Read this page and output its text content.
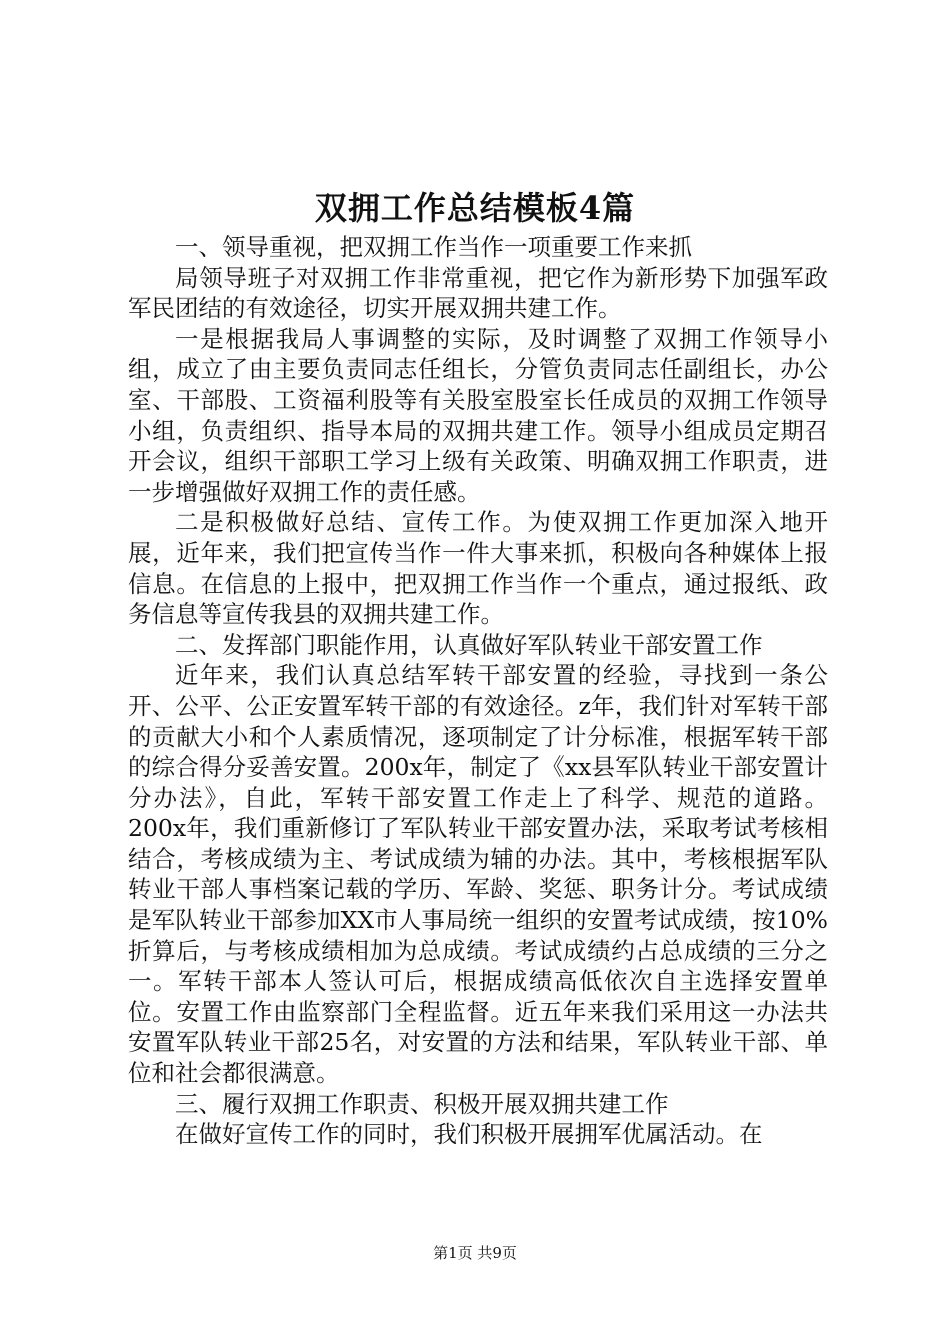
双拥工作总结模板4篇

一、领导重视，把双拥工作当作一项重要工作来抓

局领导班子对双拥工作非常重视，把它作为新形势下加强军政军民团结的有效途径，切实开展双拥共建工作。

一是根据我局人事调整的实际，及时调整了双拥工作领导小组，成立了由主要负责同志任组长，分管负责同志任副组长，办公室、干部股、工资福利股等有关股室股室长任成员的双拥工作领导小组，负责组织、指导本局的双拥共建工作。领导小组成员定期召开会议，组织干部职工学习上级有关政策、明确双拥工作职责，进一步增强做好双拥工作的责任感。

二是积极做好总结、宣传工作。为使双拥工作更加深入地开展，近年来，我们把宣传当作一件大事来抓，积极向各种媒体上报信息。在信息的上报中，把双拥工作当作一个重点，通过报纸、政务信息等宣传我县的双拥共建工作。

二、发挥部门职能作用，认真做好军队转业干部安置工作

近年来，我们认真总结军转干部安置的经验，寻找到一条公开、公平、公正安置军转干部的有效途径。z年，我们针对军转干部的贡献大小和个人素质情况，逐项制定了计分标准，根据军转干部的综合得分妥善安置。200x年，制定了《xx县军队转业干部安置计分办法》，自此，军转干部安置工作走上了科学、规范的道路。200x年，我们重新修订了军队转业干部安置办法，采取考试考核相结合，考核成绩为主、考试成绩为辅的办法。其中，考核根据军队转业干部人事档案记载的学历、军龄、奖惩、职务计分。考试成绩是军队转业干部参加XX市人事局统一组织的安置考试成绩，按10%折算后，与考核成绩相加为总成绩。考试成绩约占总成绩的三分之一。军转干部本人签认可后，根据成绩高低依次自主选择安置单位。安置工作由监察部门全程监督。近五年来我们采用这一办法共安置军队转业干部25名，对安置的方法和结果，军队转业干部、单位和社会都很满意。

三、履行双拥工作职责、积极开展双拥共建工作

在做好宣传工作的同时，我们积极开展拥军优属活动。在

第1页 共9页
